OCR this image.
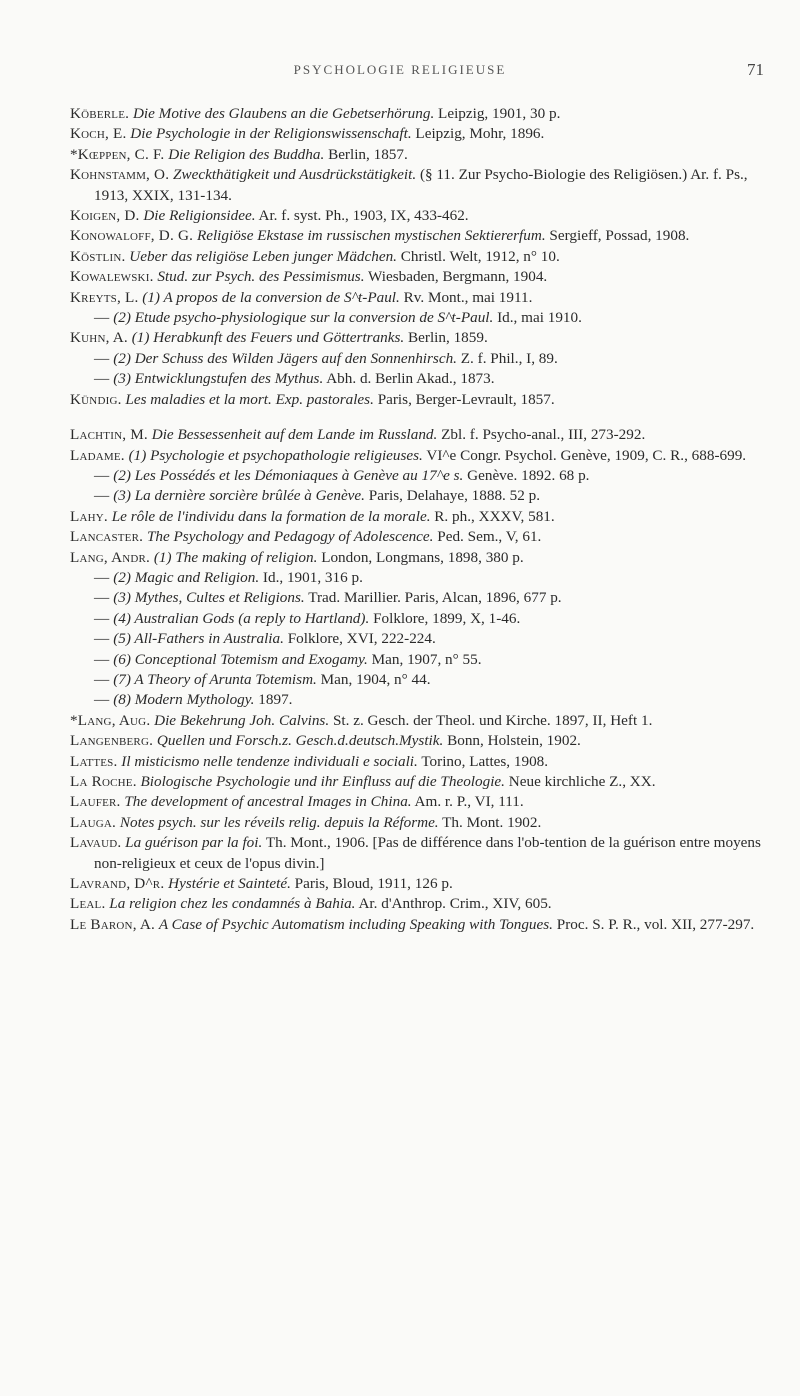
PSYCHOLOGIE RELIGIEUSE	71

Köberle. Die Motive des Glaubens an die Gebetserhörung. Leipzig, 1901, 30 p.

Koch, E. Die Psychologie in der Religionswissenschaft. Leipzig, Mohr, 1896.

*Kœppen, C. F. Die Religion des Buddha. Berlin, 1857.

Kohnstamm, O. Zweckthätigkeit und Ausdrückstätigkeit. (§ 11. Zur Psycho-Biologie des Religiösen.) Ar. f. Ps., 1913, XXIX, 131-134.

Koigen, D. Die Religionsidee. Ar. f. syst. Ph., 1903, IX, 433-462.

Konowaloff, D. G. Religiöse Ekstase im russischen mystischen Sektiererfum. Sergieff, Possad, 1908.

Köstlin. Ueber das religiöse Leben junger Mädchen. Christl. Welt, 1912, n° 10.

Kowalewski. Stud. zur Psych. des Pessimismus. Wiesbaden, Bergmann, 1904.

Kreyts, L. (1) A propos de la conversion de S^t-Paul. Rv. Mont., mai 1911.

— (2) Etude psycho-physiologique sur la conversion de S^t-Paul. Id., mai 1910.

Kuhn, A. (1) Herabkunft des Feuers und Göttertranks. Berlin, 1859.

— (2) Der Schuss des Wilden Jägers auf den Sonnenhirsch. Z. f. Phil., I, 89.

— (3) Entwicklungstufen des Mythus. Abh. d. Berlin Akad., 1873.

Kündig. Les maladies et la mort. Exp. pastorales. Paris, Berger-Levrault, 1857.

Lachtin, M. Die Bessessenheit auf dem Lande im Russland. Zbl. f. Psycho-anal., III, 273-292.

Ladame. (1) Psychologie et psychopathologie religieuses. VI^e Congr. Psychol. Genève, 1909, C. R., 688-699.

— (2) Les Possédés et les Démoniaques à Genève au 17^e s. Genève. 1892. 68 p.

— (3) La dernière sorcière brûlée à Genève. Paris, Delahaye, 1888. 52 p.

Lahy. Le rôle de l'individu dans la formation de la morale. R. ph., XXXV, 581.

Lancaster. The Psychology and Pedagogy of Adolescence. Ped. Sem., V, 61.

Lang, Andr. (1) The making of religion. London, Longmans, 1898, 380 p.

— (2) Magic and Religion. Id., 1901, 316 p.

— (3) Mythes, Cultes et Religions. Trad. Marillier. Paris, Alcan, 1896, 677 p.

— (4) Australian Gods (a reply to Hartland). Folklore, 1899, X, 1-46.

— (5) All-Fathers in Australia. Folklore, XVI, 222-224.

— (6) Conceptional Totemism and Exogamy. Man, 1907, n° 55.

— (7) A Theory of Arunta Totemism. Man, 1904, n° 44.

— (8) Modern Mythology. 1897.

*Lang, Aug. Die Bekehrung Joh. Calvins. St. z. Gesch. der Theol. und Kirche. 1897, II, Heft 1.

Langenberg. Quellen und Forsch.z. Gesch.d.deutsch.Mystik. Bonn, Holstein, 1902.

Lattes. Il misticismo nelle tendenze individuali e sociali. Torino, Lattes, 1908.

La Roche. Biologische Psychologie und ihr Einfluss auf die Theologie. Neue kirchliche Z., XX.

Laufer. The development of ancestral Images in China. Am. r. P., VI, 111.

Lauga. Notes psych. sur les réveils relig. depuis la Réforme. Th. Mont. 1902.

Lavaud. La guérison par la foi. Th. Mont., 1906. [Pas de différence dans l'ob-tention de la guérison entre moyens non-religieux et ceux de l'opus divin.]

Lavrand, D^r. Hystérie et Sainteté. Paris, Bloud, 1911, 126 p.

Leal. La religion chez les condamnés à Bahia. Ar. d'Anthrop. Crim., XIV, 605.

Le Baron, A. A Case of Psychic Automatism including Speaking with Tongues. Proc. S. P. R., vol. XII, 277-297.
